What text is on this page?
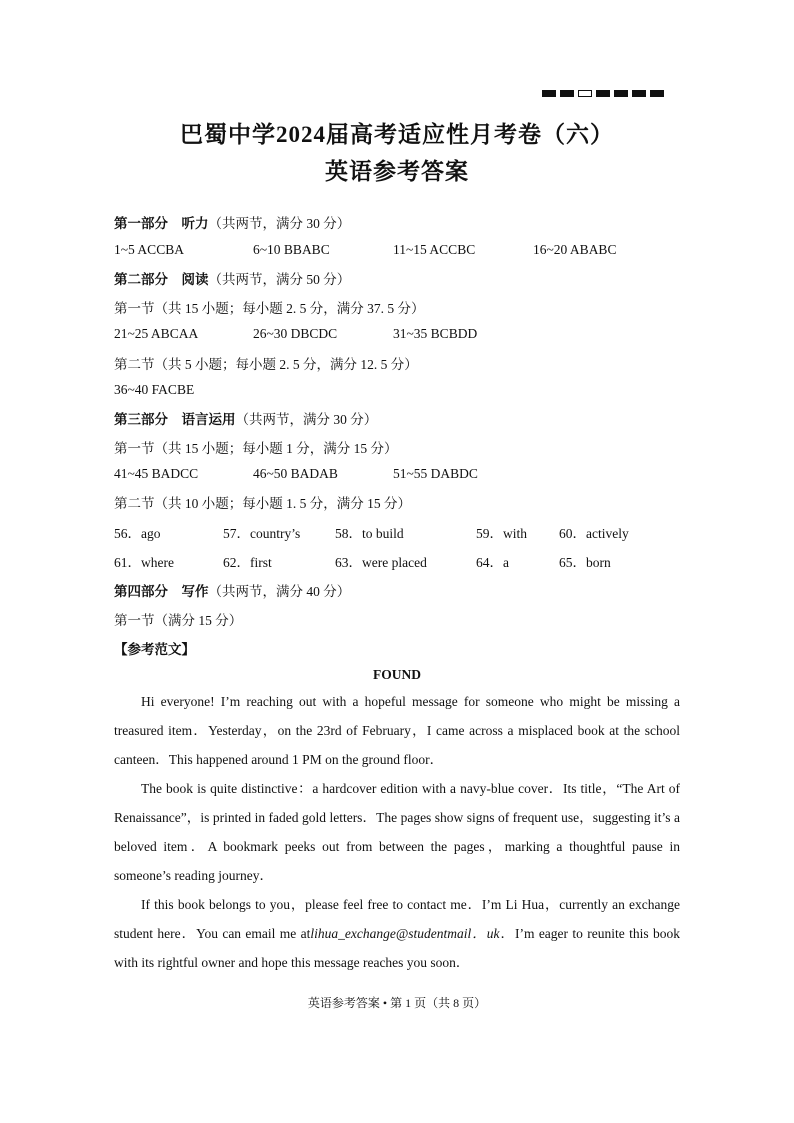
巴蜀中学2024届高考适应性月考卷（六）
英语参考答案
第一部分 听力（共两节，满分 30 分）
1~5 ACCBA	6~10 BBABC	11~15 ACCBC	16~20 ABABC
第二部分 阅读（共两节，满分 50 分）
第一节（共 15 小题；每小题 2. 5 分，满分 37. 5 分）
21~25 ABCAA	26~30 DBCDC	31~35 BCBDD
第二节（共 5 小题；每小题 2. 5 分，满分 12. 5 分）
36~40 FACBE
第三部分 语言运用（共两节，满分 30 分）
第一节（共 15 小题；每小题 1 分，满分 15 分）
41~45 BADCC	46~50 BADAB	51~55 DABDC
第二节（共 10 小题；每小题 1. 5 分，满分 15 分）
56．ago	57．country’s	58．to build	59．with 60．actively
61．where	62．first	63．were placed	64．a	65．born
第四部分 写作（共两节，满分 40 分）
第一节（满分 15 分）
【参考范文】
FOUND

Hi everyone! I’m reaching out with a hopeful message for someone who might be missing a treasured item．Yesterday，on the 23rd of February，I came across a misplaced book at the school canteen．This happened around 1 PM on the ground floor．

The book is quite distinctive：a hardcover edition with a navy-blue cover．Its title，“The Art of Renaissance”，is printed in faded gold letters．The pages show signs of frequent use，suggesting it’s a beloved item．A bookmark peeks out from between the pages，marking a thoughtful pause in someone’s reading journey．

If this book belongs to you，please feel free to contact me．I’m Li Hua，currently an exchange student here．You can email me atlihua_exchange@studentmail．uk．I’m eager to reunite this book with its rightful owner and hope this message reaches you soon．

英语参考答案 • 第 1 页（共 8 页）
